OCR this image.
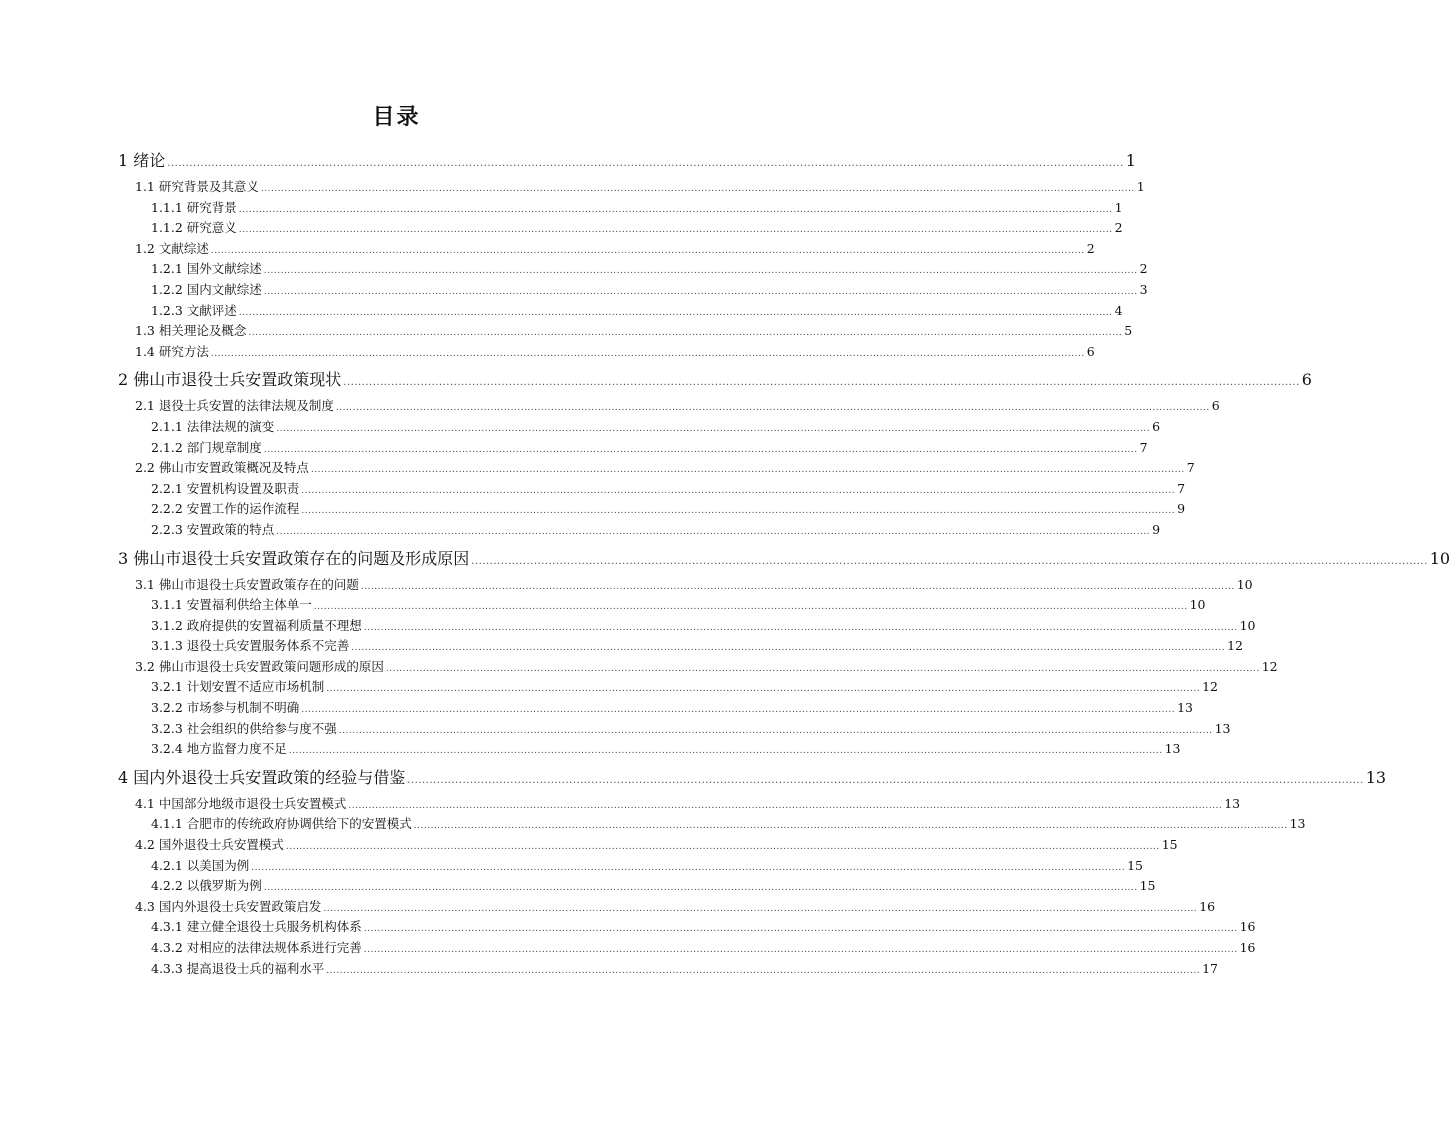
目录
1 绪论 .................................................................................................................................................................................................................................................................... 1
1.1 研究背景及其意义 .................................................................................................................................................................................................................................................................... 1
1.1.1 研究背景 .................................................................................................................................................................................................................................................................... 1
1.1.2 研究意义 .................................................................................................................................................................................................................................................................... 2
1.2 文献综述 .................................................................................................................................................................................................................................................................... 2
1.2.1 国外文献综述 .................................................................................................................................................................................................................................................................... 2
1.2.2 国内文献综述 .................................................................................................................................................................................................................................................................... 3
1.2.3 文献评述 .................................................................................................................................................................................................................................................................... 4
1.3 相关理论及概念 .................................................................................................................................................................................................................................................................... 5
1.4 研究方法 .................................................................................................................................................................................................................................................................... 6
2 佛山市退役士兵安置政策现状 .................................................................................................................................................................................................................................................................... 6
2.1 退役士兵安置的法律法规及制度 .................................................................................................................................................................................................................................................................... 6
2.1.1 法律法规的演变 .................................................................................................................................................................................................................................................................... 6
2.1.2 部门规章制度 .................................................................................................................................................................................................................................................................... 7
2.2 佛山市安置政策概况及特点 .................................................................................................................................................................................................................................................................... 7
2.2.1 安置机构设置及职责 .................................................................................................................................................................................................................................................................... 7
2.2.2 安置工作的运作流程 .................................................................................................................................................................................................................................................................... 9
2.2.3 安置政策的特点 .................................................................................................................................................................................................................................................................... 9
3 佛山市退役士兵安置政策存在的问题及形成原因 .................................................................................................................................................................................................................................................................... 10
3.1 佛山市退役士兵安置政策存在的问题 .................................................................................................................................................................................................................................................................... 10
3.1.1 安置福利供给主体单一 .................................................................................................................................................................................................................................................................... 10
3.1.2 政府提供的安置福利质量不理想 .................................................................................................................................................................................................................................................................... 10
3.1.3 退役士兵安置服务体系不完善 .................................................................................................................................................................................................................................................................... 12
3.2 佛山市退役士兵安置政策问题形成的原因 .................................................................................................................................................................................................................................................................... 12
3.2.1 计划安置不适应市场机制 .................................................................................................................................................................................................................................................................... 12
3.2.2 市场参与机制不明确 .................................................................................................................................................................................................................................................................... 13
3.2.3 社会组织的供给参与度不强 .................................................................................................................................................................................................................................................................... 13
3.2.4 地方监督力度不足 .................................................................................................................................................................................................................................................................... 13
4 国内外退役士兵安置政策的经验与借鉴 .................................................................................................................................................................................................................................................................... 13
4.1 中国部分地级市退役士兵安置模式 .................................................................................................................................................................................................................................................................... 13
4.1.1 合肥市的传统政府协调供给下的安置模式 .................................................................................................................................................................................................................................................................... 13
4.2 国外退役士兵安置模式 .................................................................................................................................................................................................................................................................... 15
4.2.1 以美国为例 .................................................................................................................................................................................................................................................................... 15
4.2.2 以俄罗斯为例 .................................................................................................................................................................................................................................................................... 15
4.3 国内外退役士兵安置政策启发 .................................................................................................................................................................................................................................................................... 16
4.3.1 建立健全退役士兵服务机构体系 .................................................................................................................................................................................................................................................................... 16
4.3.2 对相应的法律法规体系进行完善 .................................................................................................................................................................................................................................................................... 16
4.3.3 提高退役士兵的福利水平 .................................................................................................................................................................................................................................................................... 17
